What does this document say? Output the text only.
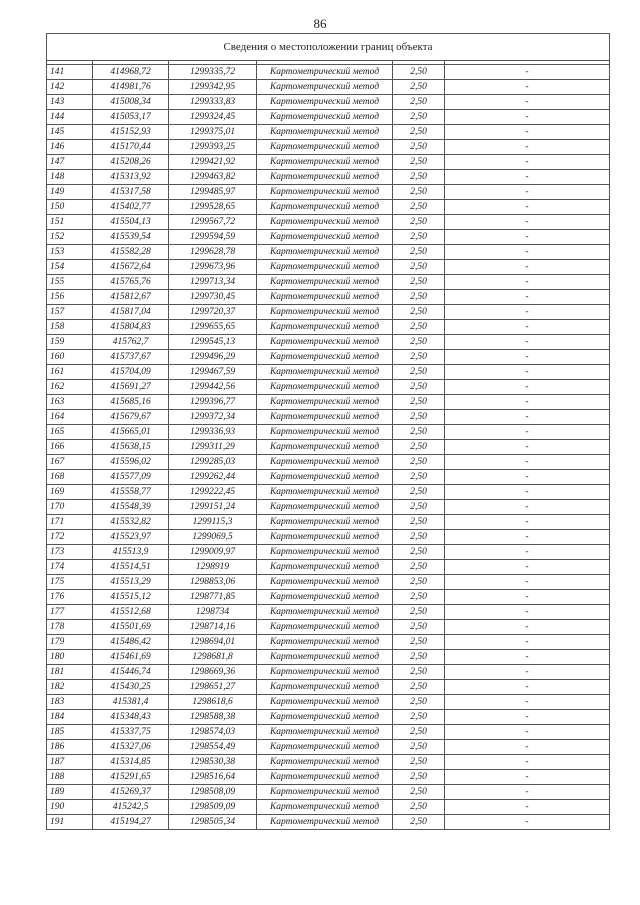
86
Сведения о местоположении границ объекта					

141	414968,72	1299335,72	Картометрический метод	2,50	-
142	414981,76	1299342,95	Картометрический метод	2,50	-
143	415008,34	1299333,83	Картометрический метод	2,50	-
144	415053,17	1299324,45	Картометрический метод	2,50	-
145	415152,93	1299375,01	Картометрический метод	2,50	-
146	415170,44	1299393,25	Картометрический метод	2,50	-
147	415208,26	1299421,92	Картометрический метод	2,50	-
148	415313,92	1299463,82	Картометрический метод	2,50	-
149	415317,58	1299485,97	Картометрический метод	2,50	-
150	415402,77	1299528,65	Картометрический метод	2,50	-
151	415504,13	1299567,72	Картометрический метод	2,50	-
152	415539,54	1299594,59	Картометрический метод	2,50	-
153	415582,28	1299628,78	Картометрический метод	2,50	-
154	415672,64	1299673,96	Картометрический метод	2,50	-
155	415765,76	1299713,34	Картометрический метод	2,50	-
156	415812,67	1299730,45	Картометрический метод	2,50	-
157	415817,04	1299720,37	Картометрический метод	2,50	-
158	415804,83	1299655,65	Картометрический метод	2,50	-
159	415762,7	1299545,13	Картометрический метод	2,50	-
160	415737,67	1299496,29	Картометрический метод	2,50	-
161	415704,09	1299467,59	Картометрический метод	2,50	-
162	415691,27	1299442,56	Картометрический метод	2,50	-
163	415685,16	1299396,77	Картометрический метод	2,50	-
164	415679,67	1299372,34	Картометрический метод	2,50	-
165	415665,01	1299336,93	Картометрический метод	2,50	-
166	415638,15	1299311,29	Картометрический метод	2,50	-
167	415596,02	1299285,03	Картометрический метод	2,50	-
168	415577,09	1299262,44	Картометрический метод	2,50	-
169	415558,77	1299222,45	Картометрический метод	2,50	-
170	415548,39	1299151,24	Картометрический метод	2,50	-
171	415532,82	1299115,3	Картометрический метод	2,50	-
172	415523,97	1299069,5	Картометрический метод	2,50	-
173	415513,9	1299009,97	Картометрический метод	2,50	-
174	415514,51	1298919	Картометрический метод	2,50	-
175	415513,29	1298853,06	Картометрический метод	2,50	-
176	415515,12	1298771,85	Картометрический метод	2,50	-
177	415512,68	1298734	Картометрический метод	2,50	-
178	415501,69	1298714,16	Картометрический метод	2,50	-
179	415486,42	1298694,01	Картометрический метод	2,50	-
180	415461,69	1298681,8	Картометрический метод	2,50	-
181	415446,74	1298669,36	Картометрический метод	2,50	-
182	415430,25	1298651,27	Картометрический метод	2,50	-
183	415381,4	1298618,6	Картометрический метод	2,50	-
184	415348,43	1298588,38	Картометрический метод	2,50	-
185	415337,75	1298574,03	Картометрический метод	2,50	-
186	415327,06	1298554,49	Картометрический метод	2,50	-
187	415314,85	1298530,38	Картометрический метод	2,50	-
188	415291,65	1298516,64	Картометрический метод	2,50	-
189	415269,37	1298508,09	Картометрический метод	2,50	-
190	415242,5	1298509,09	Картометрический метод	2,50	-
191	415194,27	1298505,34	Картометрический метод	2,50	-
